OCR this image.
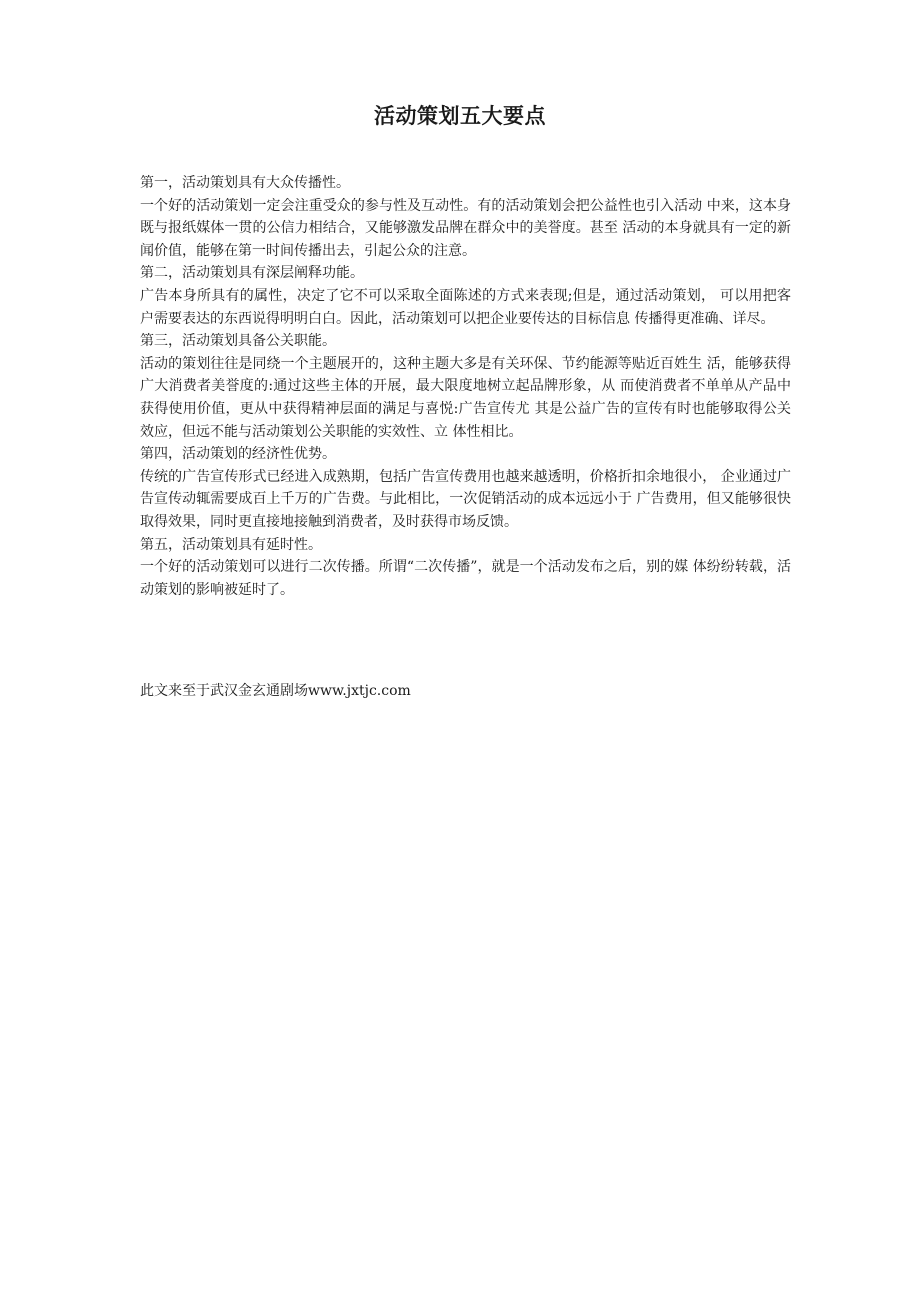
活动策划五大要点

第一，活动策划具有大众传播性。

一个好的活动策划一定会注重受众的参与性及互动性。有的活动策划会把公益性也引入活动 中来，这本身既与报纸媒体一贯的公信力相结合，又能够激发品牌在群众中的美誉度。甚至 活动的本身就具有一定的新闻价值，能够在第一时间传播出去，引起公众的注意。

第二，活动策划具有深层阐释功能。

广告本身所具有的属性，决定了它不可以采取全面陈述的方式来表现;但是，通过活动策划， 可以用把客户需要表达的东西说得明明白白。因此，活动策划可以把企业要传达的目标信息 传播得更准确、详尽。

第三，活动策划具备公关职能。

活动的策划往往是同绕一个主题展开的，这种主题大多是有关环保、节约能源等贴近百姓生 活，能够获得广大消费者美誉度的:通过这些主体的开展，最大限度地树立起品牌形象，从 而使消费者不单单从产品中获得使用价值，更从中获得精神层面的满足与喜悦:广告宣传尤 其是公益广告的宣传有时也能够取得公关效应，但远不能与活动策划公关职能的实效性、立 体性相比。

第四，活动策划的经济性优势。

传统的广告宣传形式已经进入成熟期，包括广告宣传费用也越来越透明，价格折扣余地很小， 企业通过广告宣传动辄需要成百上千万的广告费。与此相比，一次促销活动的成本远远小于 广告费用，但又能够很快取得效果，同时更直接地接触到消费者，及时获得市场反馈。

第五，活动策划具有延时性。

一个好的活动策划可以进行二次传播。所谓“二次传播”，就是一个活动发布之后，别的媒 体纷纷转载，活动策划的影响被延时了。

此文来至于武汉金玄通剧场www.jxtjc.com
